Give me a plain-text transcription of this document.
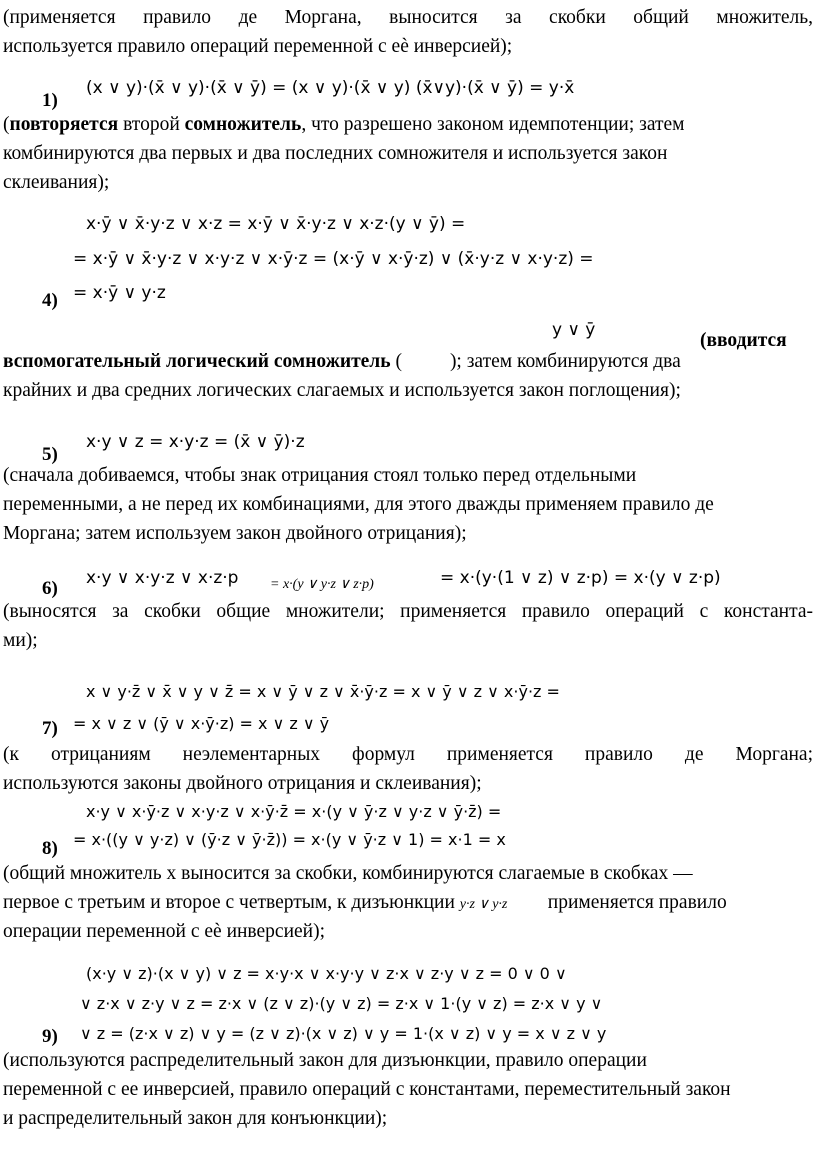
(применяется правило де Моргана, выносится за скобки общий множитель,

используется правило операций переменной с еѐ инверсией);

(x ∨ y)·(x̄ ∨ y)·(x̄ ∨ ȳ) = (x ∨ y)·(x̄ ∨ y) (x̄∨y)·(x̄ ∨ ȳ) = y·x̄
1)

(повторяется второй сомножитель, что разрешено законом идемпотенции; затем

комбинируются два первых и два последних сомножителя и используется закон

склеивания);

x·ȳ ∨ x̄·y·z ∨ x·z = x·ȳ ∨ x̄·y·z ∨ x·z·(y ∨ ȳ) =
= x·ȳ ∨ x̄·y·z ∨ x·y·z ∨ x·ȳ·z = (x·ȳ ∨ x·ȳ·z) ∨ (x̄·y·z ∨ x·y·z) =
= x·ȳ ∨ y·z
4)
y ∨ ȳ	(вводится

вспомогательный логический сомножитель ( ); затем комбинируются два

крайних и два средних логических слагаемых и используется закон поглощения);

x·y ∨ z = x·y·z = (x̄ ∨ ȳ)·z
5)

(сначала добиваемся, чтобы знак отрицания стоял только перед отдельными

переменными, а не перед их комбинациями, для этого дважды применяем правило де

Моргана; затем используем закон двойного отрицания);

x·y ∨ x·y·z ∨ x·z·p = x·(y ∨ y·z ∨ z·p)	= x·(y·(1 ∨ z) ∨ z·p) = x·(y ∨ z·p)
6)

(выносятся за скобки общие множители; применяется правило операций с константа-

ми);

x ∨ y·z̄ ∨ x̄ ∨ y ∨ z̄ = x ∨ ȳ ∨ z ∨ x̄·ȳ·z = x ∨ ȳ ∨ z ∨ x·ȳ·z =
= x ∨ z ∨ (ȳ ∨ x·ȳ·z) = x ∨ z ∨ ȳ
7)

(к отрицаниям неэлементарных формул применяется правило де Моргана;

используются законы двойного отрицания и склеивания);

x·y ∨ x·ȳ·z ∨ x·y·z ∨ x·ȳ·z̄ = x·(y ∨ ȳ·z ∨ y·z ∨ ȳ·z̄) =
= x·((y ∨ y·z) ∨ (ȳ·z ∨ ȳ·z̄)) = x·(y ∨ ȳ·z ∨ 1) = x·1 = x
8)

(общий множитель x выносится за скобки, комбинируются слагаемые в скобках —

первое с третьим и второе с четвертым, к дизъюнкции y·z ∨ y·z применяется правило

операции переменной с еѐ инверсией);

(x·y ∨ z)·(x ∨ y) ∨ z = x·y·x ∨ x·y·y ∨ z·x ∨ z·y ∨ z = 0 ∨ 0 ∨
∨ z·x ∨ z·y ∨ z = z·x ∨ (z ∨ z)·(y ∨ z) = z·x ∨ 1·(y ∨ z) = z·x ∨ y ∨
∨ z = (z·x ∨ z) ∨ y = (z ∨ z)·(x ∨ z) ∨ y = 1·(x ∨ z) ∨ y = x ∨ z ∨ y
9)

(используются распределительный закон для дизъюнкции, правило операции

переменной с ее инверсией, правило операций с константами, переместительный закон

и распределительный закон для конъюнкции);
